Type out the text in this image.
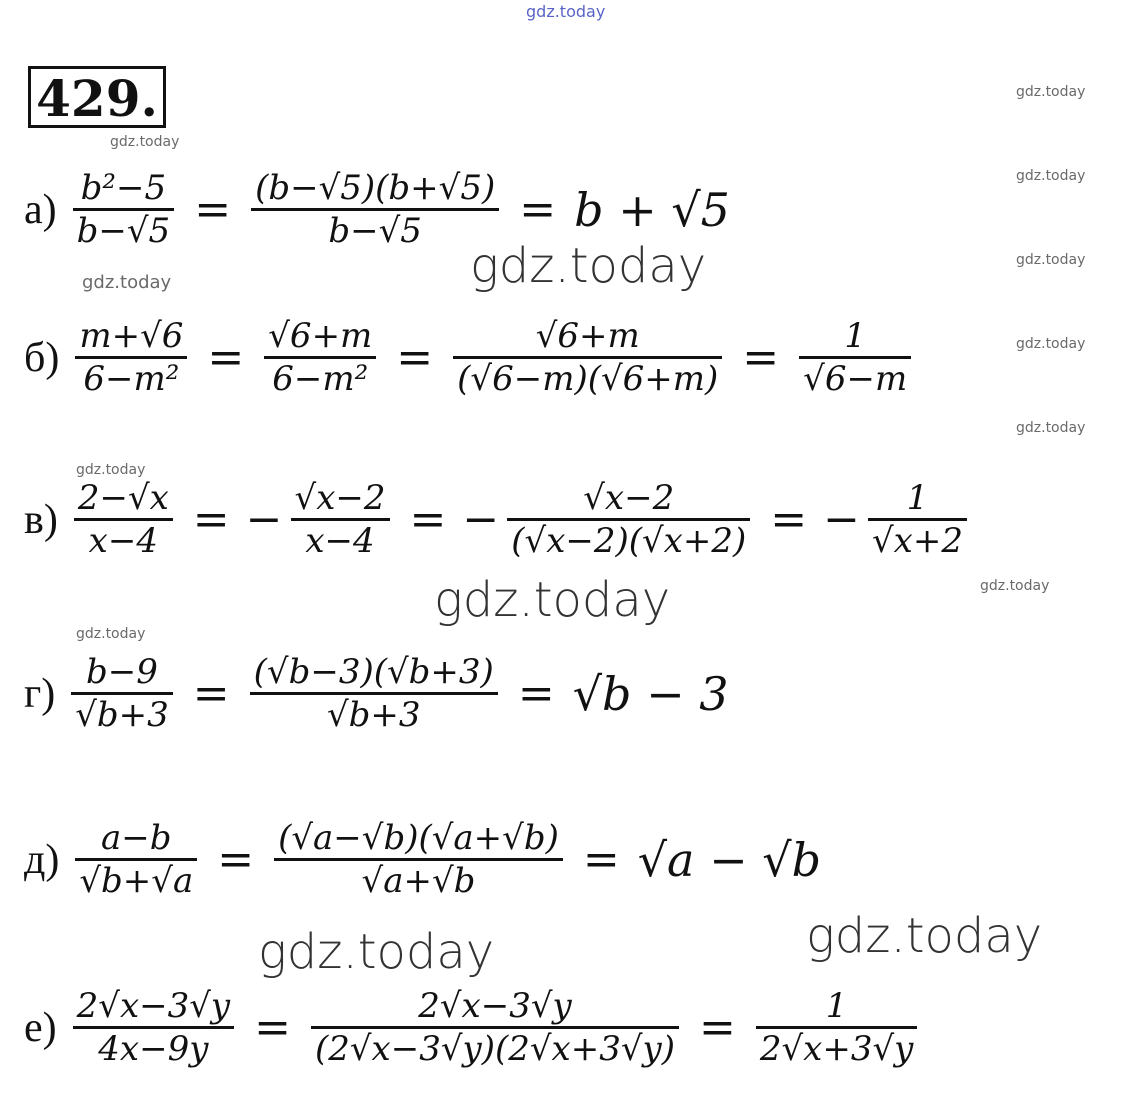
gdz.today
gdz.today
gdz.today
gdz.today
gdz.today
gdz.today
gdz.today
gdz.today
gdz.today
gdz.today
gdz.today
gdz.today
gdz.today
gdz.today	gdz.today
429.
$а) \frac{\text{b²−5}}{b-√5} = \frac{(b-√5)(b+√5)}{b-√5} = b + √5$
$б) \frac{m+√6}{\text{6−m²}} = \frac{√6+m}{\text{6−m²}} = \frac{√6+m}{(√6-m)(√6+m)} = \frac{1}{√6-m}$
$в) \frac{2-√x}{x-4}$ = − $\frac{√x-2}{x-4}$ = − $\frac{√x-2}{(√x-2)(√x+2)}$ = − $\frac{1}{√x+2}$
$г) \frac{b-9}{√b+3} = \frac{(√b-3)(√b+3)}{√b+3} = √b - 3$
$д) \frac{a-b}{√b+√a} = \frac{(√a-√b)(√a+√b)}{√a+√b} = √a - √b$
$е) \frac{2√x-3√y}{4x-9y} = \frac{2√x-3√y}{(2√x-3√y)(2√x+3√y)} = \frac{1}{2√x+3√y}$
